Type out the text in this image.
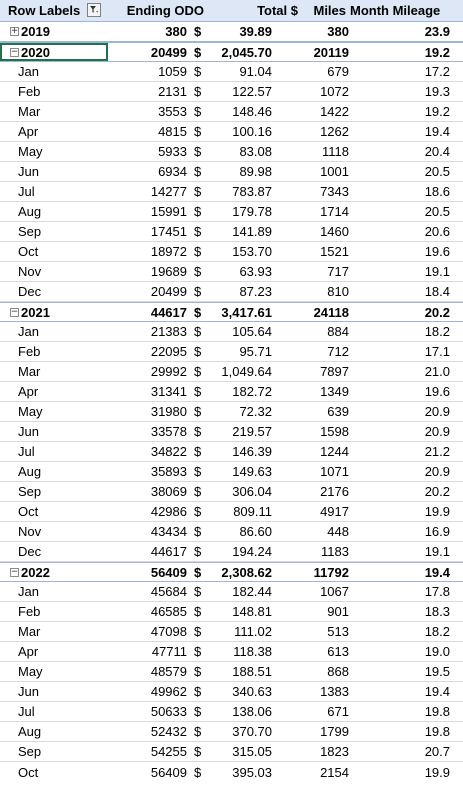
Row Labels	Ending ODO	Total $	Miles Month Mileage
+ 2019	380 $	39.89	380	23.9
− 2020	20499 $	2,045.70	20119	19.2
Jan	1059 $	91.04	679	17.2
Feb	2131 $	122.57	1072	19.3
Mar	3553 $	148.46	1422	19.2
Apr	4815 $	100.16	1262	19.4
May	5933 $	83.08	1118	20.4
Jun	6934 $	89.98	1001	20.5
Jul	14277 $	783.87	7343	18.6
Aug	15991 $	179.78	1714	20.5
Sep	17451 $	141.89	1460	20.6
Oct	18972 $	153.70	1521	19.6
Nov	19689 $	63.93	717	19.1
Dec	20499 $	87.23	810	18.4
− 2021	44617 $	3,417.61	24118	20.2
Jan	21383 $	105.64	884	18.2
Feb	22095 $	95.71	712	17.1
Mar	29992 $	1,049.64	7897	21.0
Apr	31341 $	182.72	1349	19.6
May	31980 $	72.32	639	20.9
Jun	33578 $	219.57	1598	20.9
Jul	34822 $	146.39	1244	21.2
Aug	35893 $	149.63	1071	20.9
Sep	38069 $	306.04	2176	20.2
Oct	42986 $	809.11	4917	19.9
Nov	43434 $	86.60	448	16.9
Dec	44617 $	194.24	1183	19.1
− 2022	56409 $	2,308.62	11792	19.4
Jan	45684 $	182.44	1067	17.8
Feb	46585 $	148.81	901	18.3
Mar	47098 $	111.02	513	18.2
Apr	47711 $	118.38	613	19.0
May	48579 $	188.51	868	19.5
Jun	49962 $	340.63	1383	19.4
Jul	50633 $	138.06	671	19.8
Aug	52432 $	370.70	1799	19.8
Sep	54255 $	315.05	1823	20.7
Oct	56409 $	395.03	2154	19.9
